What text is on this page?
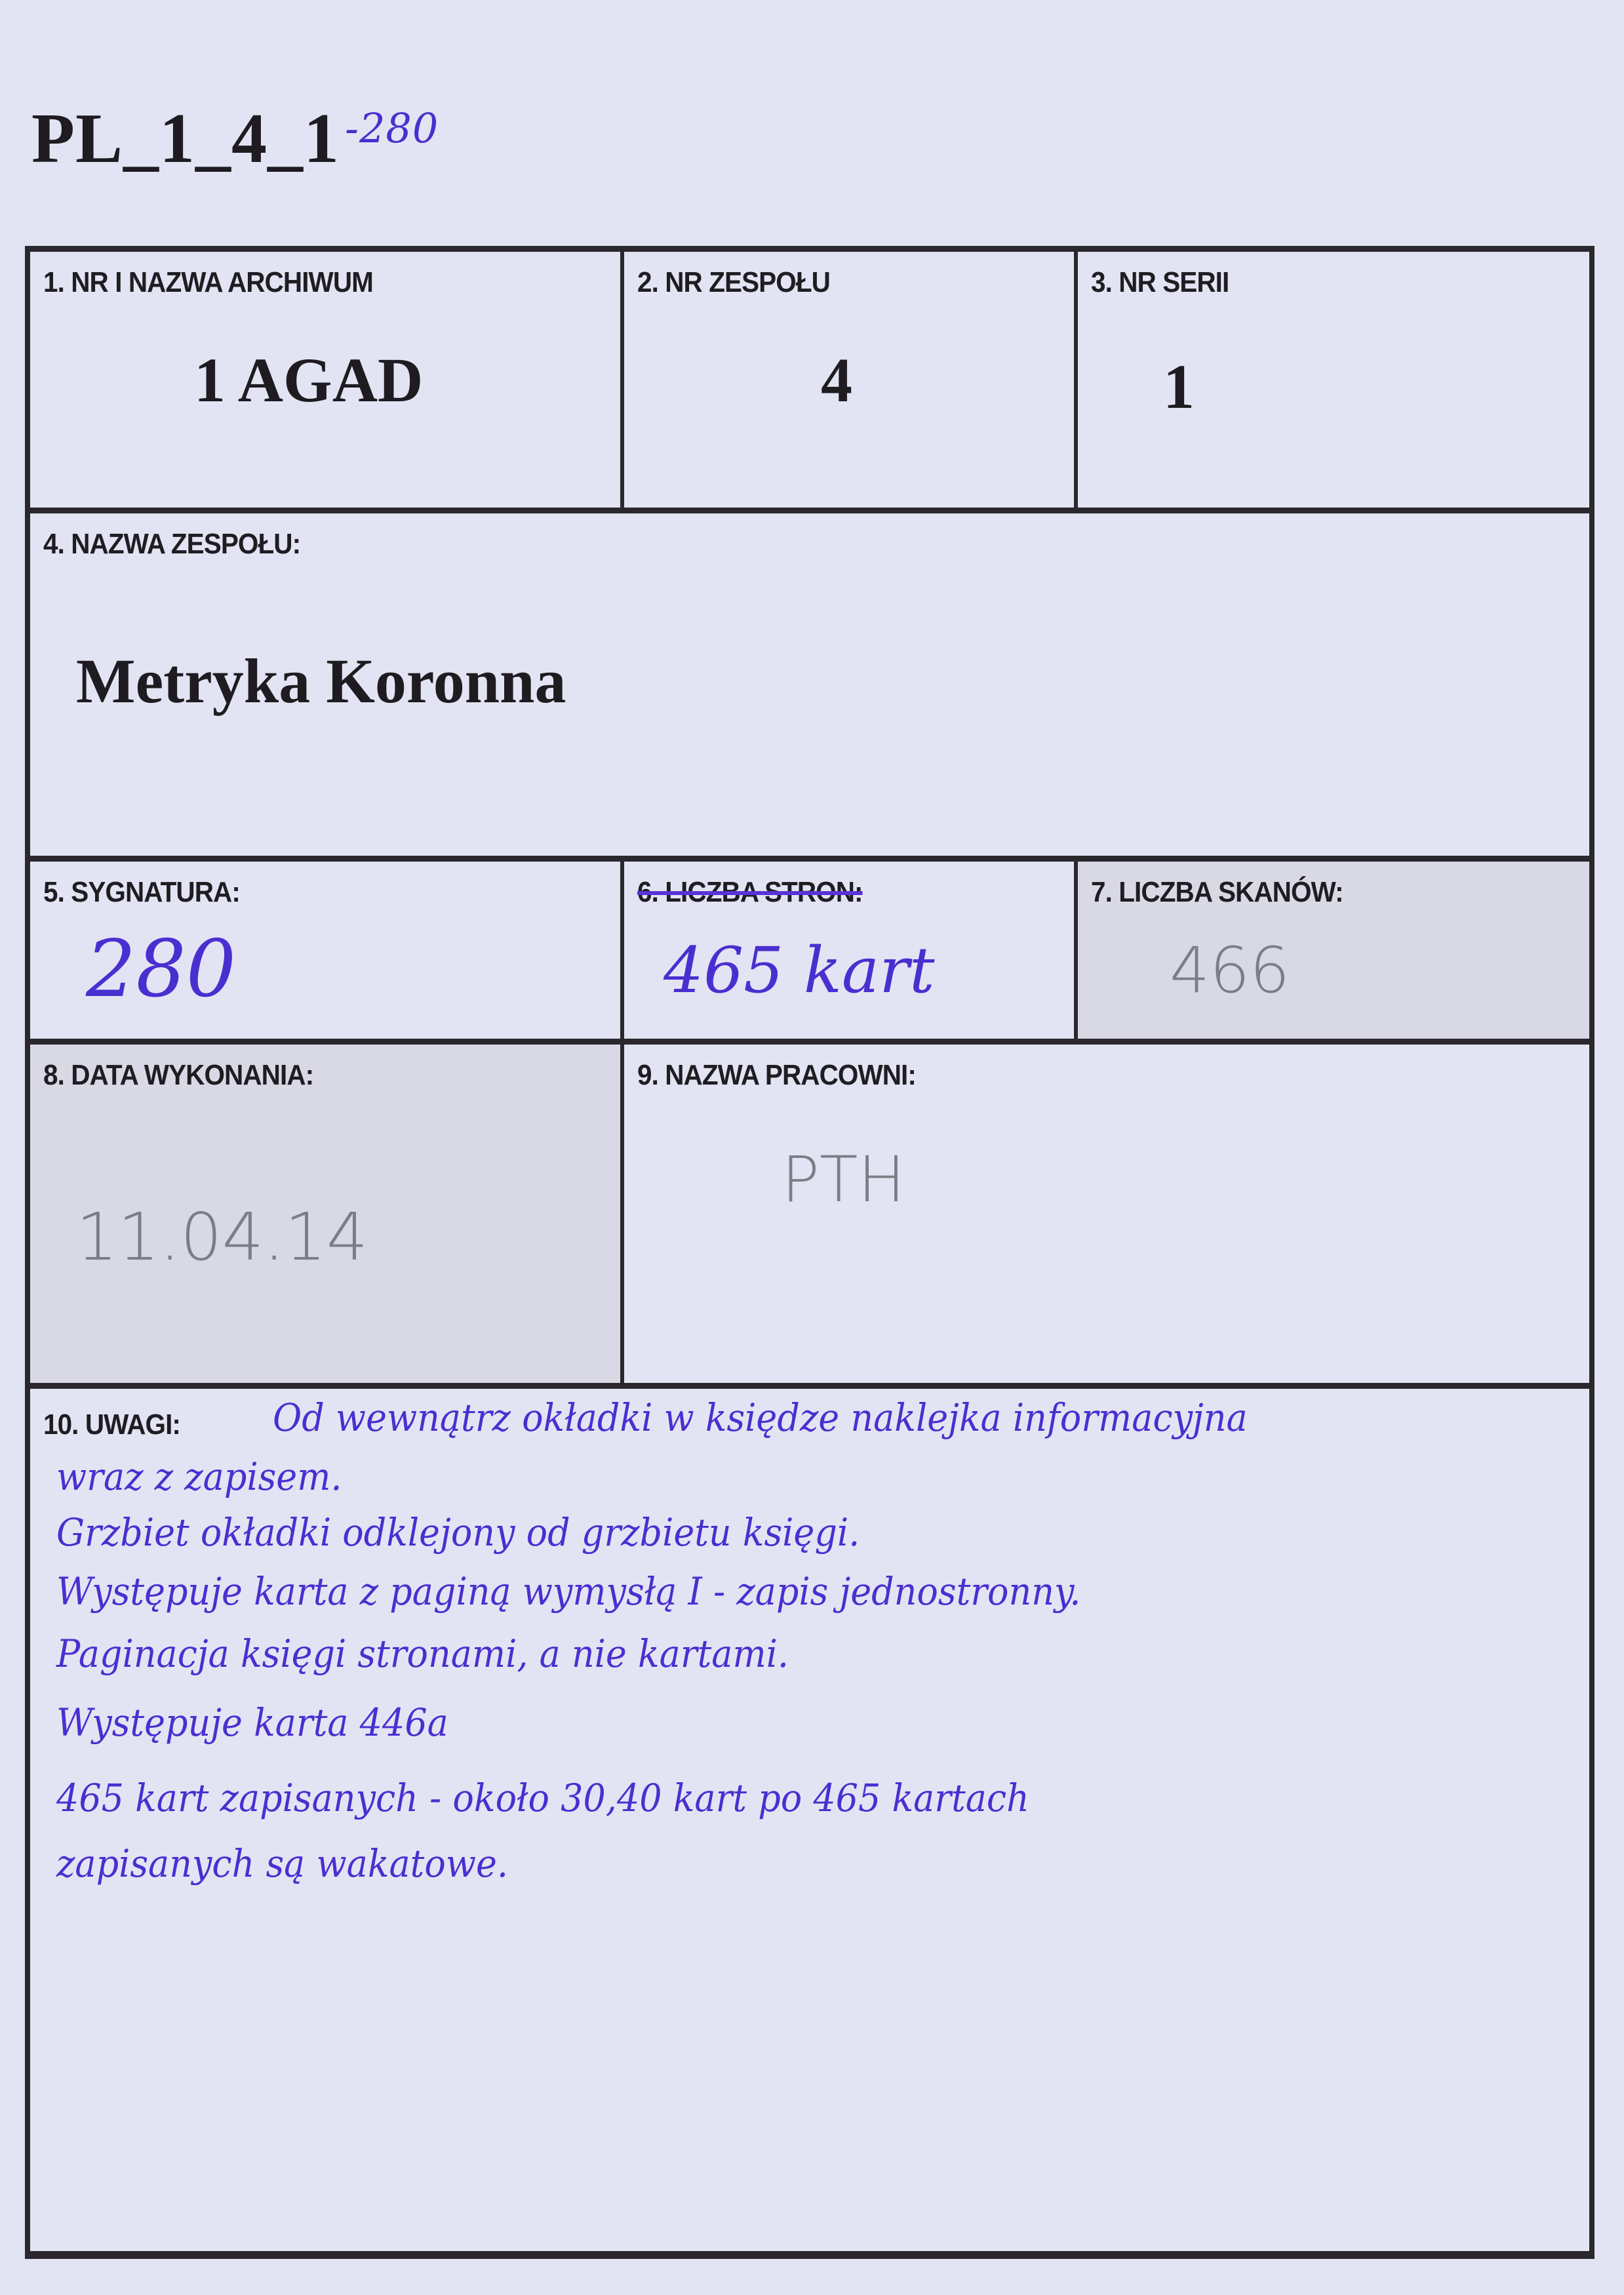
PL_1_4_1 $^{-280}$
1. NR I NAZWA ARCHIWUM
1 AGAD
2. NR ZESPOŁU
4
3. NR SERII
1
4. NAZWA ZESPOŁU:
Metryka Koronna
5. SYGNATURA:
280
6. LICZBA STRON:
465 kart
7. LICZBA SKANÓW:
466
8. DATA WYKONANIA:
11.04.14
9. NAZWA PRACOWNI:
PTH
10. UWAGI: Od wewnątrz okładki w księdze naklejka informacyjna
wraz z zapisem.
Grzbiet okładki odklejony od grzbietu księgi.
Występuje karta z paginą wymysłą I - zapis jednostronny.
Paginacja księgi stronami, a nie kartami.
Występuje karta 446a
465 kart zapisanych - około 30,40 kart po 465 kartach
zapisanych są wakatowe.
